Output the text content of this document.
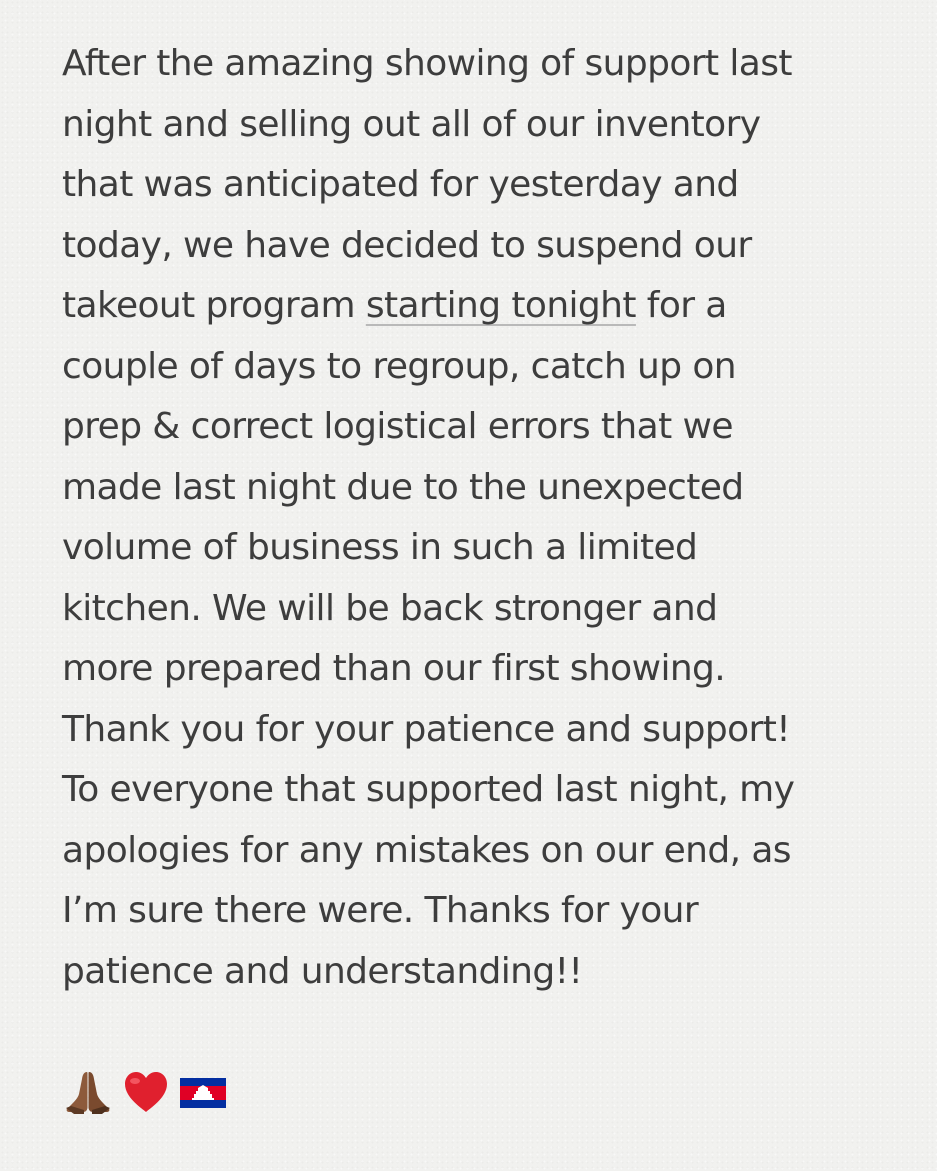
After the amazing showing of support last
night and selling out all of our inventory
that was anticipated for yesterday and
today, we have decided to suspend our
takeout program starting tonight for a
couple of days to regroup, catch up on
prep & correct logistical errors that we
made last night due to the unexpected
volume of business in such a limited
kitchen. We will be back stronger and
more prepared than our first showing.
Thank you for your patience and support!
To everyone that supported last night, my
apologies for any mistakes on our end, as
I’m sure there were. Thanks for your
patience and understanding!!
